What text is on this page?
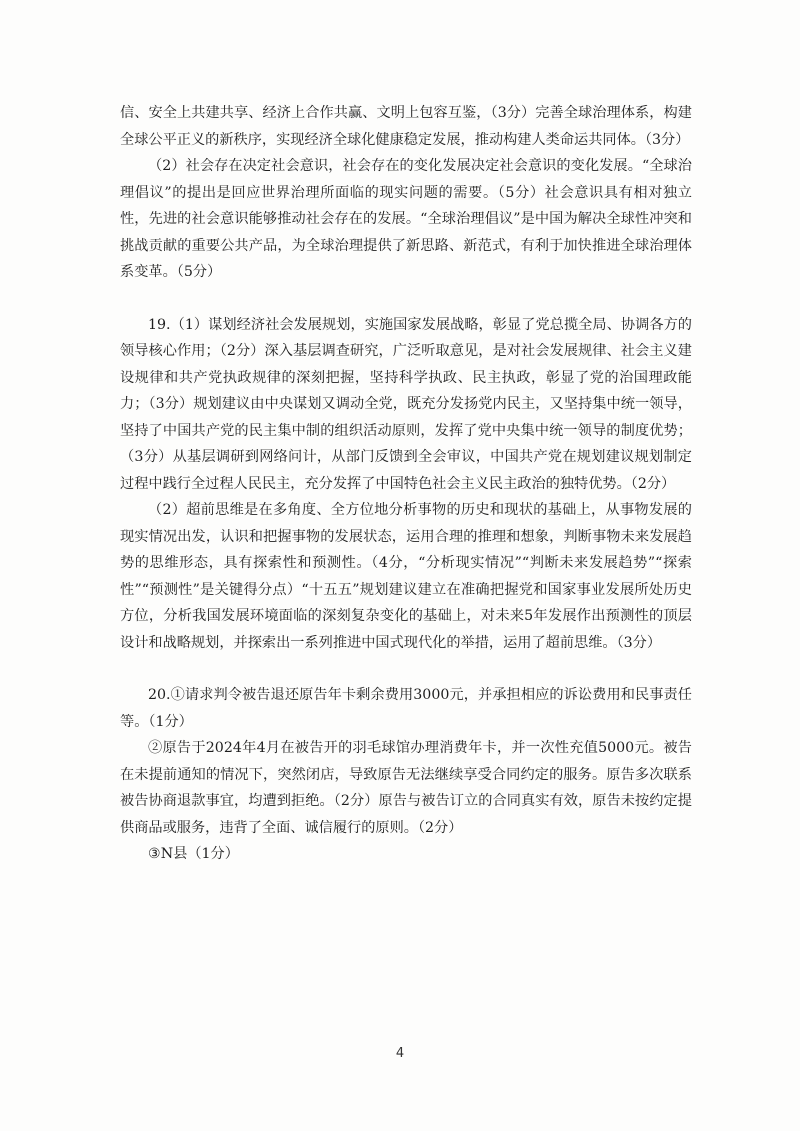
信、安全上共建共享、经济上合作共赢、文明上包容互鉴，（3分）完善全球治理体系，构建全球公平正义的新秩序，实现经济全球化健康稳定发展，推动构建人类命运共同体。（3分）

（2）社会存在决定社会意识，社会存在的变化发展决定社会意识的变化发展。“全球治理倡议”的提出是回应世界治理所面临的现实问题的需要。（5分）社会意识具有相对独立性，先进的社会意识能够推动社会存在的发展。“全球治理倡议”是中国为解决全球性冲突和挑战贡献的重要公共产品，为全球治理提供了新思路、新范式，有利于加快推进全球治理体系变革。（5分）

19.（1）谋划经济社会发展规划，实施国家发展战略，彰显了党总揽全局、协调各方的领导核心作用；（2分）深入基层调查研究，广泛听取意见，是对社会发展规律、社会主义建设规律和共产党执政规律的深刻把握，坚持科学执政、民主执政，彰显了党的治国理政能力；（3分）规划建议由中央谋划又调动全党，既充分发扬党内民主，又坚持集中统一领导，坚持了中国共产党的民主集中制的组织活动原则，发挥了党中央集中统一领导的制度优势；（3分）从基层调研到网络问计，从部门反馈到全会审议，中国共产党在规划建议规划制定过程中践行全过程人民民主，充分发挥了中国特色社会主义民主政治的独特优势。（2分）

（2）超前思维是在多角度、全方位地分析事物的历史和现状的基础上，从事物发展的现实情况出发，认识和把握事物的发展状态，运用合理的推理和想象，判断事物未来发展趋势的思维形态，具有探索性和预测性。（4分，“分析现实情况”“判断未来发展趋势”“探索性”“预测性”是关键得分点）“十五五”规划建议建立在准确把握党和国家事业发展所处历史方位，分析我国发展环境面临的深刻复杂变化的基础上，对未来5年发展作出预测性的顶层设计和战略规划，并探索出一系列推进中国式现代化的举措，运用了超前思维。（3分）

20.①请求判令被告退还原告年卡剩余费用3000元，并承担相应的诉讼费用和民事责任等。（1分）

②原告于2024年4月在被告开的羽毛球馆办理消费年卡，并一次性充值5000元。被告在未提前通知的情况下，突然闭店，导致原告无法继续享受合同约定的服务。原告多次联系被告协商退款事宜，均遭到拒绝。（2分）原告与被告订立的合同真实有效，原告未按约定提供商品或服务，违背了全面、诚信履行的原则。（2分）

③N县（1分）

4
